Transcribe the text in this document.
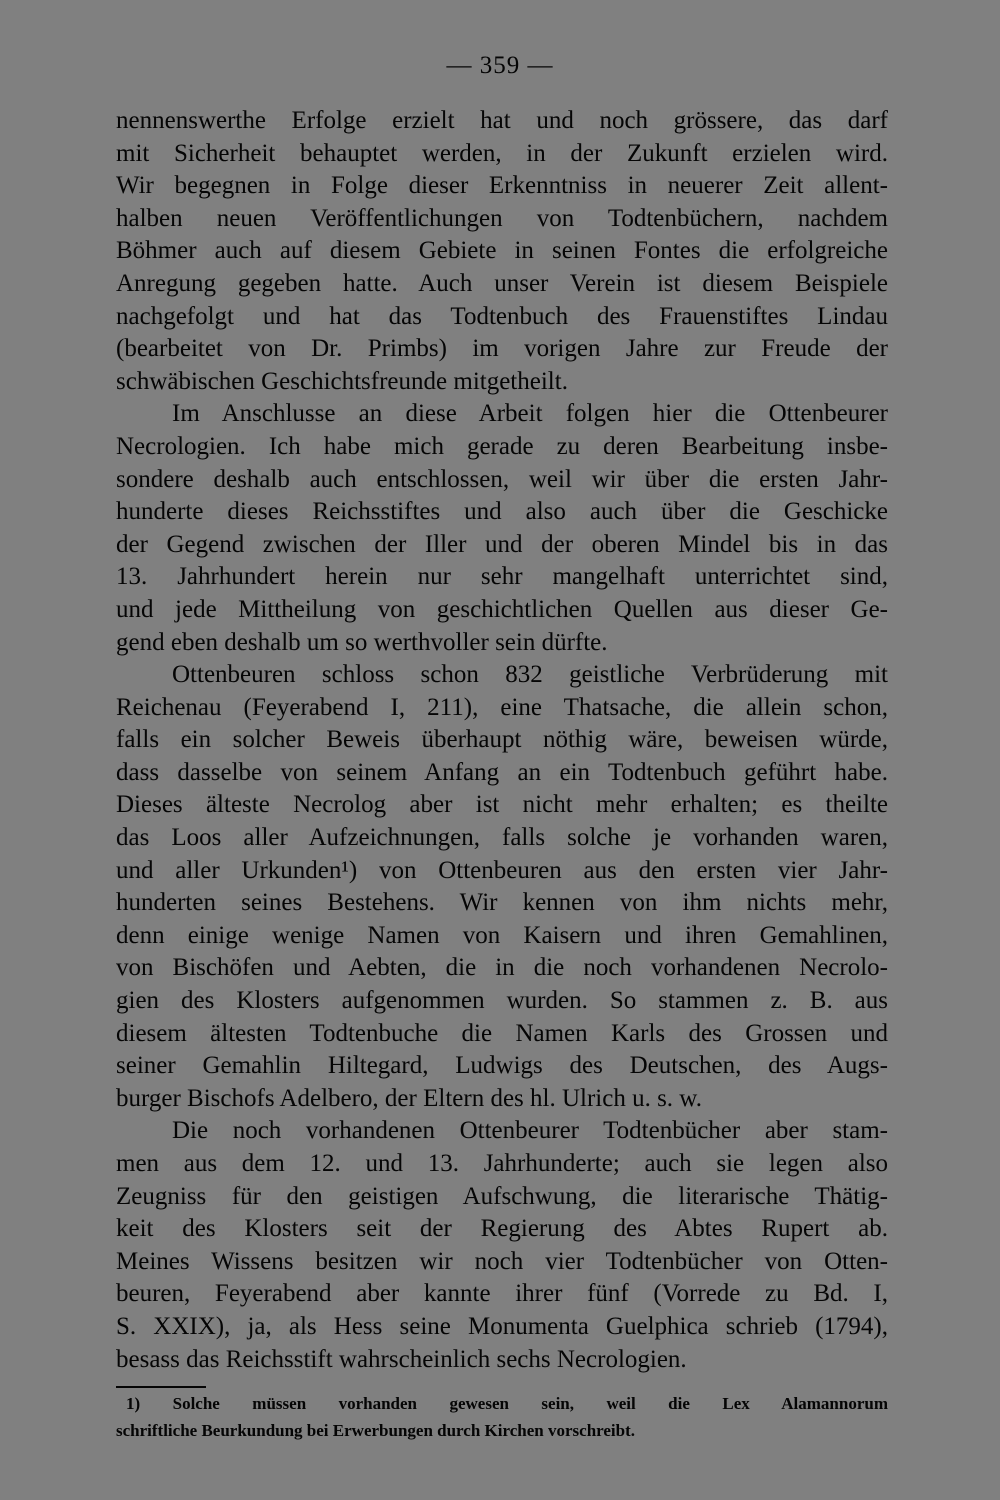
— 359 —
nennenswerthe Erfolge erzielt hat und noch grössere, das darf
mit Sicherheit behauptet werden, in der Zukunft erzielen wird.
Wir begegnen in Folge dieser Erkenntniss in neuerer Zeit allent-
halben neuen Veröffentlichungen von Todtenbüchern, nachdem
Böhmer auch auf diesem Gebiete in seinen Fontes die erfolgreiche
Anregung gegeben hatte. Auch unser Verein ist diesem Beispiele
nachgefolgt und hat das Todtenbuch des Frauenstiftes Lindau
(bearbeitet von Dr. Primbs) im vorigen Jahre zur Freude der
schwäbischen Geschichtsfreunde mitgetheilt.
Im Anschlusse an diese Arbeit folgen hier die Ottenbeurer
Necrologien. Ich habe mich gerade zu deren Bearbeitung insbe-
sondere deshalb auch entschlossen, weil wir über die ersten Jahr-
hunderte dieses Reichsstiftes und also auch über die Geschicke
der Gegend zwischen der Iller und der oberen Mindel bis in das
13. Jahrhundert herein nur sehr mangelhaft unterrichtet sind,
und jede Mittheilung von geschichtlichen Quellen aus dieser Ge-
gend eben deshalb um so werthvoller sein dürfte.
Ottenbeuren schloss schon 832 geistliche Verbrüderung mit
Reichenau (Feyerabend I, 211), eine Thatsache, die allein schon,
falls ein solcher Beweis überhaupt nöthig wäre, beweisen würde,
dass dasselbe von seinem Anfang an ein Todtenbuch geführt habe.
Dieses älteste Necrolog aber ist nicht mehr erhalten; es theilte
das Loos aller Aufzeichnungen, falls solche je vorhanden waren,
und aller Urkunden¹) von Ottenbeuren aus den ersten vier Jahr-
hunderten seines Bestehens. Wir kennen von ihm nichts mehr,
denn einige wenige Namen von Kaisern und ihren Gemahlinen,
von Bischöfen und Aebten, die in die noch vorhandenen Necrolo-
gien des Klosters aufgenommen wurden. So stammen z. B. aus
diesem ältesten Todtenbuche die Namen Karls des Grossen und
seiner Gemahlin Hiltegard, Ludwigs des Deutschen, des Augs-
burger Bischofs Adelbero, der Eltern des hl. Ulrich u. s. w.
Die noch vorhandenen Ottenbeurer Todtenbücher aber stam-
men aus dem 12. und 13. Jahrhunderte; auch sie legen also
Zeugniss für den geistigen Aufschwung, die literarische Thätig-
keit des Klosters seit der Regierung des Abtes Rupert ab.
Meines Wissens besitzen wir noch vier Todtenbücher von Otten-
beuren, Feyerabend aber kannte ihrer fünf (Vorrede zu Bd. I,
S. XXIX), ja, als Hess seine Monumenta Guelphica schrieb (1794),
besass das Reichsstift wahrscheinlich sechs Necrologien.
1) Solche müssen vorhanden gewesen sein, weil die Lex Alamannorum
schriftliche Beurkundung bei Erwerbungen durch Kirchen vorschreibt.
